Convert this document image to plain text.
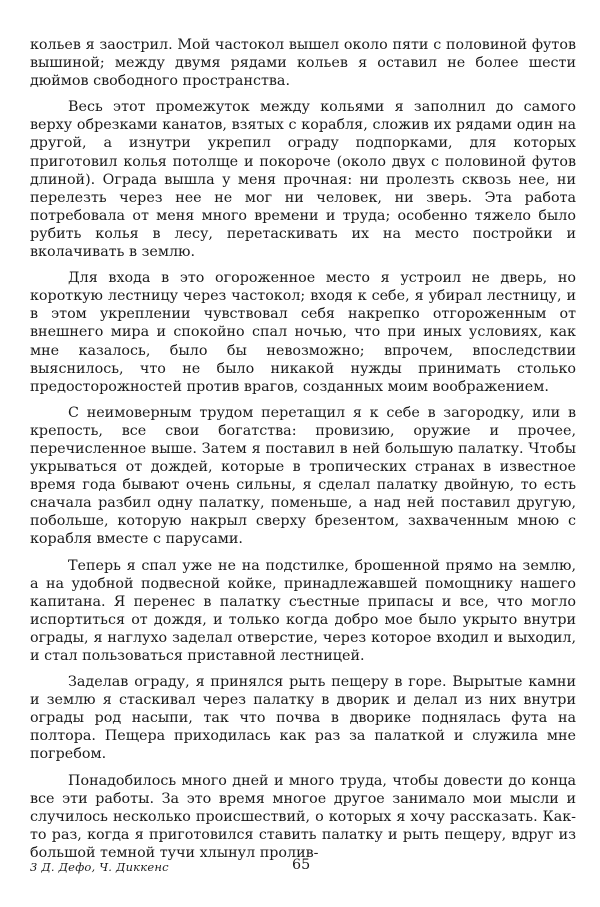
кольев я заострил. Мой частокол вышел около пяти с половиной футов вышиной; между двумя рядами кольев я оставил не более шести дюймов свободного пространства.

Весь этот промежуток между кольями я заполнил до самого верху обрезками канатов, взятых с корабля, сложив их рядами один на другой, а изнутри укрепил ограду подпорками, для которых приготовил колья потолще и покороче (около двух с половиной футов длиной). Ограда вышла у меня прочная: ни пролезть сквозь нее, ни перелезть через нее не мог ни человек, ни зверь. Эта работа потребовала от меня много времени и труда; особенно тяжело было рубить колья в лесу, перетаскивать их на место постройки и вколачивать в землю.

Для входа в это огороженное место я устроил не дверь, но короткую лестницу через частокол; входя к себе, я убирал лестницу, и в этом укреплении чувствовал себя накрепко отгороженным от внешнего мира и спокойно спал ночью, что при иных условиях, как мне казалось, было бы невозможно; впрочем, впоследствии выяснилось, что не было никакой нужды принимать столько предосторожностей против врагов, созданных моим воображением.

С неимоверным трудом перетащил я к себе в загородку, или в крепость, все свои богатства: провизию, оружие и прочее, перечисленное выше. Затем я поставил в ней большую палатку. Чтобы укрываться от дождей, которые в тропических странах в известное время года бывают очень сильны, я сделал палатку двойную, то есть сначала разбил одну палатку, поменьше, а над ней поставил другую, побольше, которую накрыл сверху брезентом, захваченным мною с корабля вместе с парусами.

Теперь я спал уже не на подстилке, брошенной прямо на землю, а на удобной подвесной койке, принадлежавшей помощнику нашего капитана. Я перенес в палатку съестные припасы и все, что могло испортиться от дождя, и только когда добро мое было укрыто внутри ограды, я наглухо заделал отверстие, через которое входил и выходил, и стал пользоваться приставной лестницей.

Заделав ограду, я принялся рыть пещеру в горе. Вырытые камни и землю я стаскивал через палатку в дворик и делал из них внутри ограды род насыпи, так что почва в дворике поднялась фута на полтора. Пещера приходилась как раз за палаткой и служила мне погребом.

Понадобилось много дней и много труда, чтобы довести до конца все эти работы. За это время многое другое занимало мои мысли и случилось несколько происшествий, о которых я хочу рассказать. Как-то раз, когда я приготовился ставить палатку и рыть пещеру, вдруг из большой темной тучи хлынул пролив-

3 Д. Дефо, Ч. Диккенс	65
